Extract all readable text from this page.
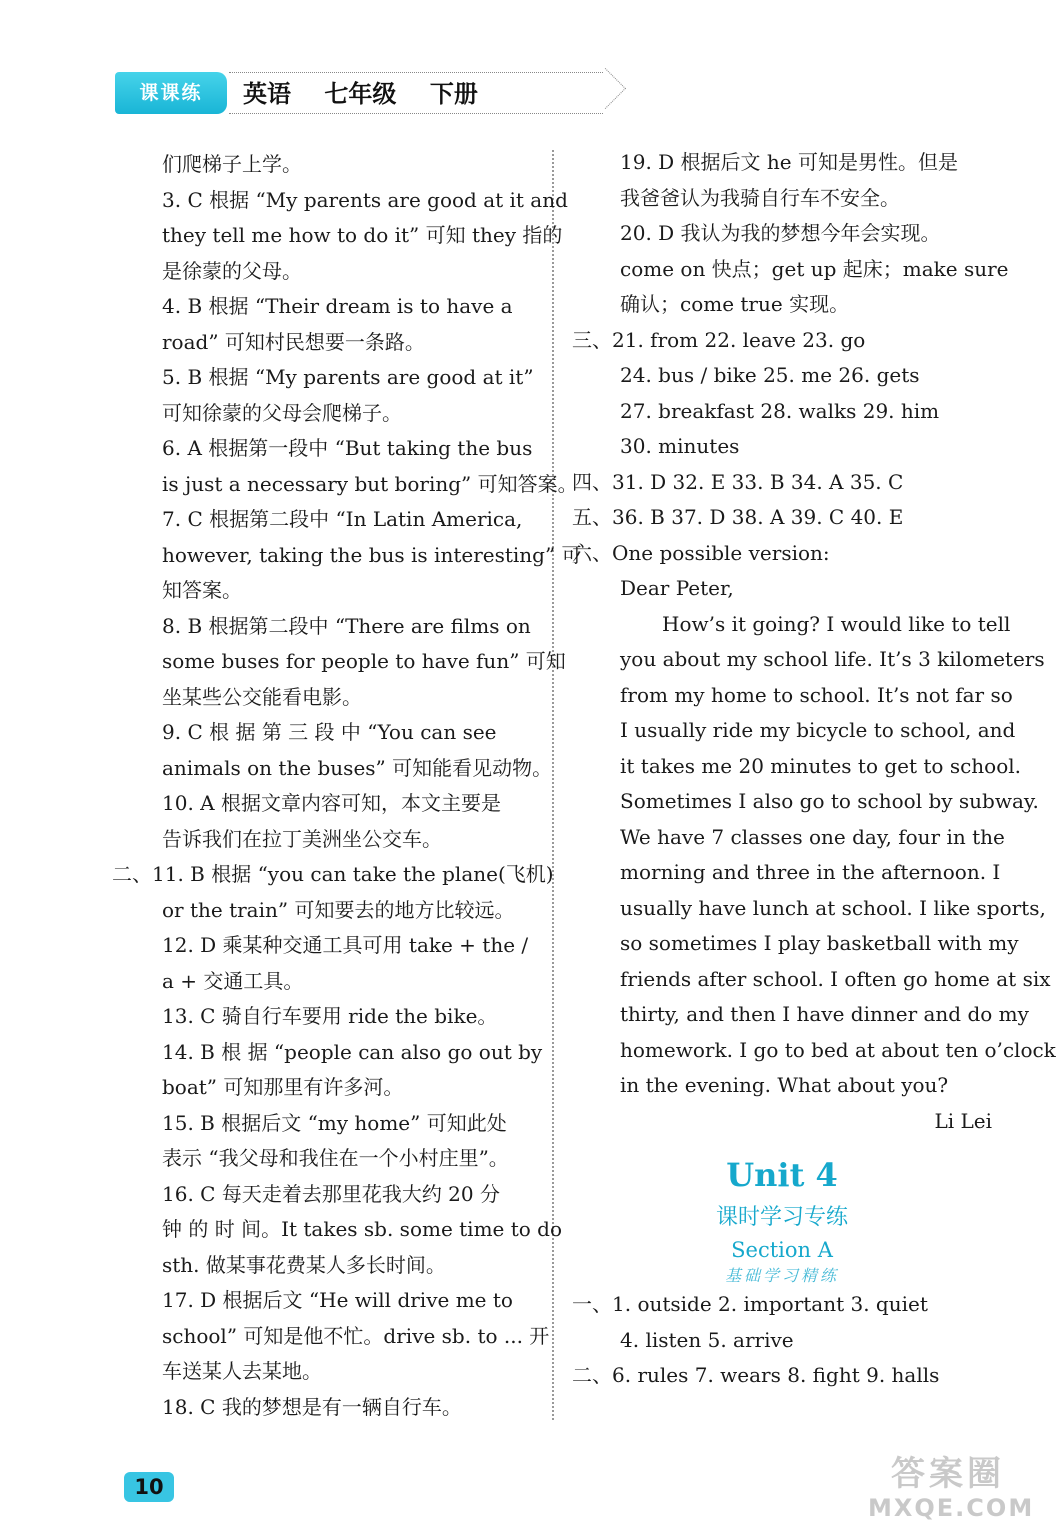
课课练	英语    七年级    下册
们爬梯子上学。
3. C 根据 “My parents are good at it and
they tell me how to do it” 可知 they 指的
是徐蒙的父母。
4. B 根据 “Their dream is to have a
road” 可知村民想要一条路。
5. B 根据 “My parents are good at it”
可知徐蒙的父母会爬梯子。
6. A 根据第一段中 “But taking the bus
is just a necessary but boring” 可知答案。
7. C 根据第二段中 “In Latin America,
however, taking the bus is interesting” 可
知答案。
8. B 根据第二段中 “There are films on
some buses for people to have fun” 可知
坐某些公交能看电影。
9. C 根 据 第 三 段 中 “You can see
animals on the buses” 可知能看见动物。
10. A 根据文章内容可知，本文主要是
告诉我们在拉丁美洲坐公交车。
二、11. B 根据 “you can take the plane(飞机)
or the train” 可知要去的地方比较远。
12. D 乘某种交通工具可用 take + the /
a + 交通工具。
13. C 骑自行车要用 ride the bike。
14. B 根 据 “people can also go out by
boat” 可知那里有许多河。
15. B 根据后文 “my home” 可知此处
表示 “我父母和我住在一个小村庄里”。
16. C 每天走着去那里花我大约 20 分
钟 的 时 间。It takes sb. some time to do
sth. 做某事花费某人多长时间。
17. D 根据后文 “He will drive me to
school” 可知是他不忙。drive sb. to ... 开
车送某人去某地。
18. C 我的梦想是有一辆自行车。
19. D 根据后文 he 可知是男性。但是
我爸爸认为我骑自行车不安全。
20. D 我认为我的梦想今年会实现。
come on 快点；get up 起床；make sure
确认；come true 实现。
三、21. from 22. leave 23. go
24. bus / bike 25. me 26. gets
27. breakfast 28. walks 29. him
30. minutes
四、31. D 32. E 33. B 34. A 35. C
五、36. B 37. D 38. A 39. C 40. E
六、One possible version:
Dear Peter,
How’s it going? I would like to tell
you about my school life. It’s 3 kilometers
from my home to school. It’s not far so
I usually ride my bicycle to school, and
it takes me 20 minutes to get to school.
Sometimes I also go to school by subway.
We have 7 classes one day, four in the
morning and three in the afternoon. I
usually have lunch at school. I like sports,
so sometimes I play basketball with my
friends after school. I often go home at six
thirty, and then I have dinner and do my
homework. I go to bed at about ten o’clock
in the evening. What about you?
Li Lei
Unit 4
课时学习专练
Section A
基础学习精练
一、1. outside 2. important 3. quiet
4. listen 5. arrive
二、6. rules 7. wears 8. fight 9. halls
10	答案圈
MXQE.COM
